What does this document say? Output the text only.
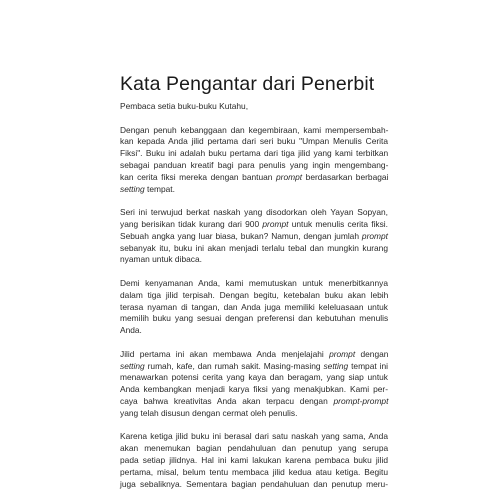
Kata Pengantar dari Penerbit

Pembaca setia buku-buku Kutahu,

Dengan penuh kebanggaan dan kegembiraan, kami mempersembah-
kan kepada Anda jilid pertama dari seri buku "Umpan Menulis Cerita
Fiksi". Buku ini adalah buku pertama dari tiga jilid yang kami terbitkan
sebagai panduan kreatif bagi para penulis yang ingin mengembang-
kan cerita fiksi mereka dengan bantuan prompt berdasarkan berbagai
setting tempat.

Seri ini terwujud berkat naskah yang disodorkan oleh Yayan Sopyan,
yang berisikan tidak kurang dari 900 prompt untuk menulis cerita fiksi.
Sebuah angka yang luar biasa, bukan? Namun, dengan jumlah prompt
sebanyak itu, buku ini akan menjadi terlalu tebal dan mungkin kurang
nyaman untuk dibaca.

Demi kenyamanan Anda, kami memutuskan untuk menerbitkannya
dalam tiga jilid terpisah. Dengan begitu, ketebalan buku akan lebih
terasa nyaman di tangan, dan Anda juga memiliki keleluasaan untuk
memilih buku yang sesuai dengan preferensi dan kebutuhan menulis
Anda.

Jilid pertama ini akan membawa Anda menjelajahi prompt dengan
setting rumah, kafe, dan rumah sakit. Masing-masing setting tempat ini
menawarkan potensi cerita yang kaya dan beragam, yang siap untuk
Anda kembangkan menjadi karya fiksi yang menakjubkan. Kami per-
caya bahwa kreativitas Anda akan terpacu dengan prompt-prompt
yang telah disusun dengan cermat oleh penulis.

Karena ketiga jilid buku ini berasal dari satu naskah yang sama, Anda
akan menemukan bagian pendahuluan dan penutup yang serupa
pada setiap jilidnya. Hal ini kami lakukan karena pembaca buku jilid
pertama, misal, belum tentu membaca jilid kedua atau ketiga. Begitu
juga sebaliknya. Sementara bagian pendahuluan dan penutup meru-
